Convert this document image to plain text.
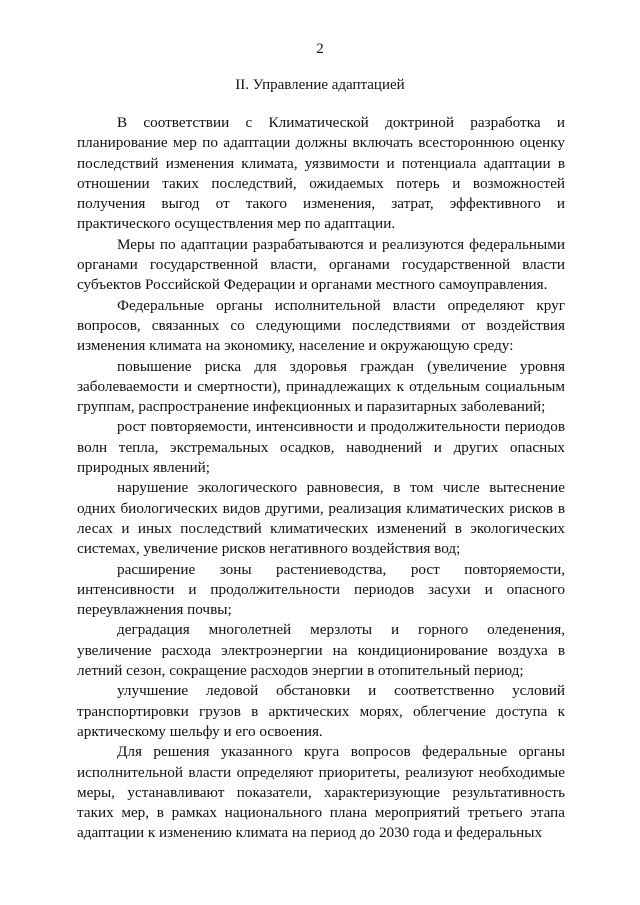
2
II. Управление адаптацией

В соответствии с Климатической доктриной разработка и планирование мер по адаптации должны включать всестороннюю оценку последствий изменения климата, уязвимости и потенциала адаптации в отношении таких последствий, ожидаемых потерь и возможностей получения выгод от такого изменения, затрат, эффективного и практического осуществления мер по адаптации.

Меры по адаптации разрабатываются и реализуются федеральными органами государственной власти, органами государственной власти субъектов Российской Федерации и органами местного самоуправления.

Федеральные органы исполнительной власти определяют круг вопросов, связанных со следующими последствиями от воздействия изменения климата на экономику, население и окружающую среду:

повышение риска для здоровья граждан (увеличение уровня заболеваемости и смертности), принадлежащих к отдельным социальным группам, распространение инфекционных и паразитарных заболеваний;

рост повторяемости, интенсивности и продолжительности периодов волн тепла, экстремальных осадков, наводнений и других опасных природных явлений;

нарушение экологического равновесия, в том числе вытеснение одних биологических видов другими, реализация климатических рисков в лесах и иных последствий климатических изменений в экологических системах, увеличение рисков негативного воздействия вод;

расширение зоны растениеводства, рост повторяемости, интенсивности и продолжительности периодов засухи и опасного переувлажнения почвы;

деградация многолетней мерзлоты и горного оледенения, увеличение расхода электроэнергии на кондиционирование воздуха в летний сезон, сокращение расходов энергии в отопительный период;

улучшение ледовой обстановки и соответственно условий транспортировки грузов в арктических морях, облегчение доступа к арктическому шельфу и его освоения.

Для решения указанного круга вопросов федеральные органы исполнительной власти определяют приоритеты, реализуют необходимые меры, устанавливают показатели, характеризующие результативность таких мер, в рамках национального плана мероприятий третьего этапа адаптации к изменению климата на период до 2030 года и федеральных
